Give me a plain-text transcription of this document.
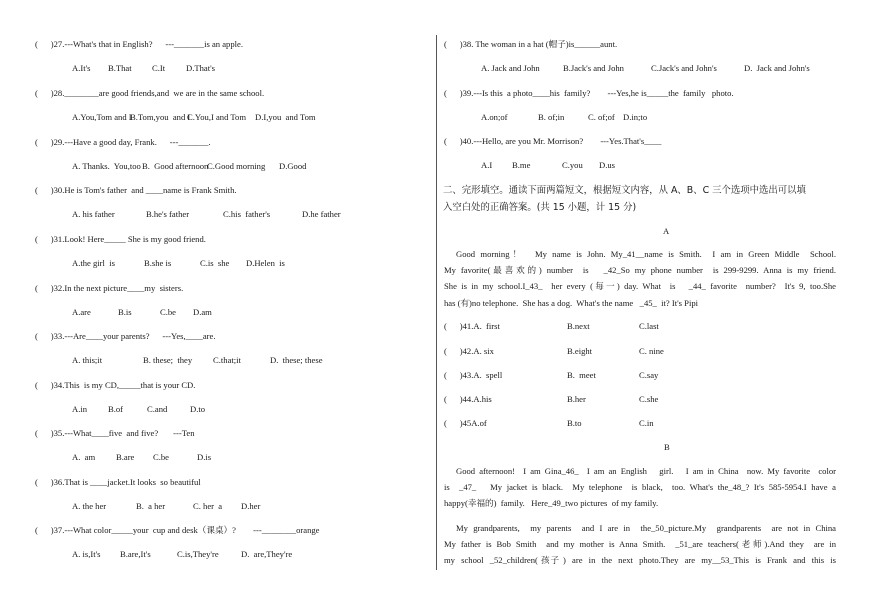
(      )27.---What's that in English?      ---_______is an apple.
A.It's B.That C.It D.That's
(      )28.________are good friends,and  we are in the same school.
A.You,Tom and I
B.Tom,you  and I
C.You,I and Tom D.I,you  and Tom
(      )29.---Have a good day, Frank.      ---_______.
A. Thanks.  You,too B.  Good afternoon
C.Good morning D.Good
(      )30.He is Tom's father  and ____name is Frank Smith.
A. his father	B.he's father	C.his  father's	D.he father
(      )31.Look! Here_____ She is my good friend.
A.the girl  is	B.she is	C.is  she D.Helen  is
(      )32.In the next picture____my  sisters.
A.are	B.is	C.be D.am
(      )33.---Are____your parents?      ---Yes,____are.
A. this;it	B. these;  they C.that;it	D.  these; these
(      )34.This  is my CD,_____that is your CD.
A.in B.of	C.and	D.to
(      )35.---What____five  and five?       ---Ten
A.  am B.are C.be	D.is
(      )36.That is ____jacket.It looks  so beautiful
A. the her	B.  a her	C. her  a D.her
(      )37.---What color_____your  cup and desk（课桌）?        ---________orange
A. is,It's B.are,It's	C.is,They're	D.  are,They're
(      )38. The woman in a hat (帽子)is______aunt.
A. Jack and John	B.Jack's and John	C.Jack's and John's	D.  Jack and John's
(      )39.---Is this  a photo____his  family?        ---Yes,he is_____the  family   photo.
A.on;of	B. of;in	C. of;of D.in;to
(      )40.---Hello, are you Mr. Morrison?        ---Yes.That's____
A.I B.me	C.you D.us
二、完形填空。通读下面两篇短文，根据短文内容，从 A、B、C 三个选项中选出可以填
入空白处的正确答案。(共 15 小题，计 15 分)
A
Good morning！  My name is John. My_41__name is Smith.  I am in Green Middle  School.
My favorite(最喜欢的) number  is   _42_So my phone number  is 299-9299. Anna is my friend.
She is in my school.I_43_  her every (每一) day. What  is   _44_ favorite  number?  It's 9, too.She
has (有)no telephone.  She has a dog.  What's the name   _45_  it? It's Pipi
(      )41.A.  first	B.next	C.last
(      )42.A. six	B.eight	C. nine
(      )43.A.  spell	B.  meet	C.say
(      )44.A.his	B.her	C.she
(      )45A.of	B.to	C.in
B
Good afternoon!  I am Gina_46_  I am an English   girl.   I am in China  now. My favorite  color
is  _47_   My jacket is black.  My telephone  is black,  too. What's the_48_? It's 585-5954.I have a
happy(幸福的)  family.   Here_49_two pictures  of my family.
My grandparents,  my parents  and I are in  the_50_picture.My  grandparents  are not in China
My father is Bob Smith  and my mother is Anna Smith.  _51_are teachers(老师).And they  are in
my  school  _52_children( 孩子 )  are  in  the  next  photo.They  are  my__53_This  is  Frank  and  this  is
